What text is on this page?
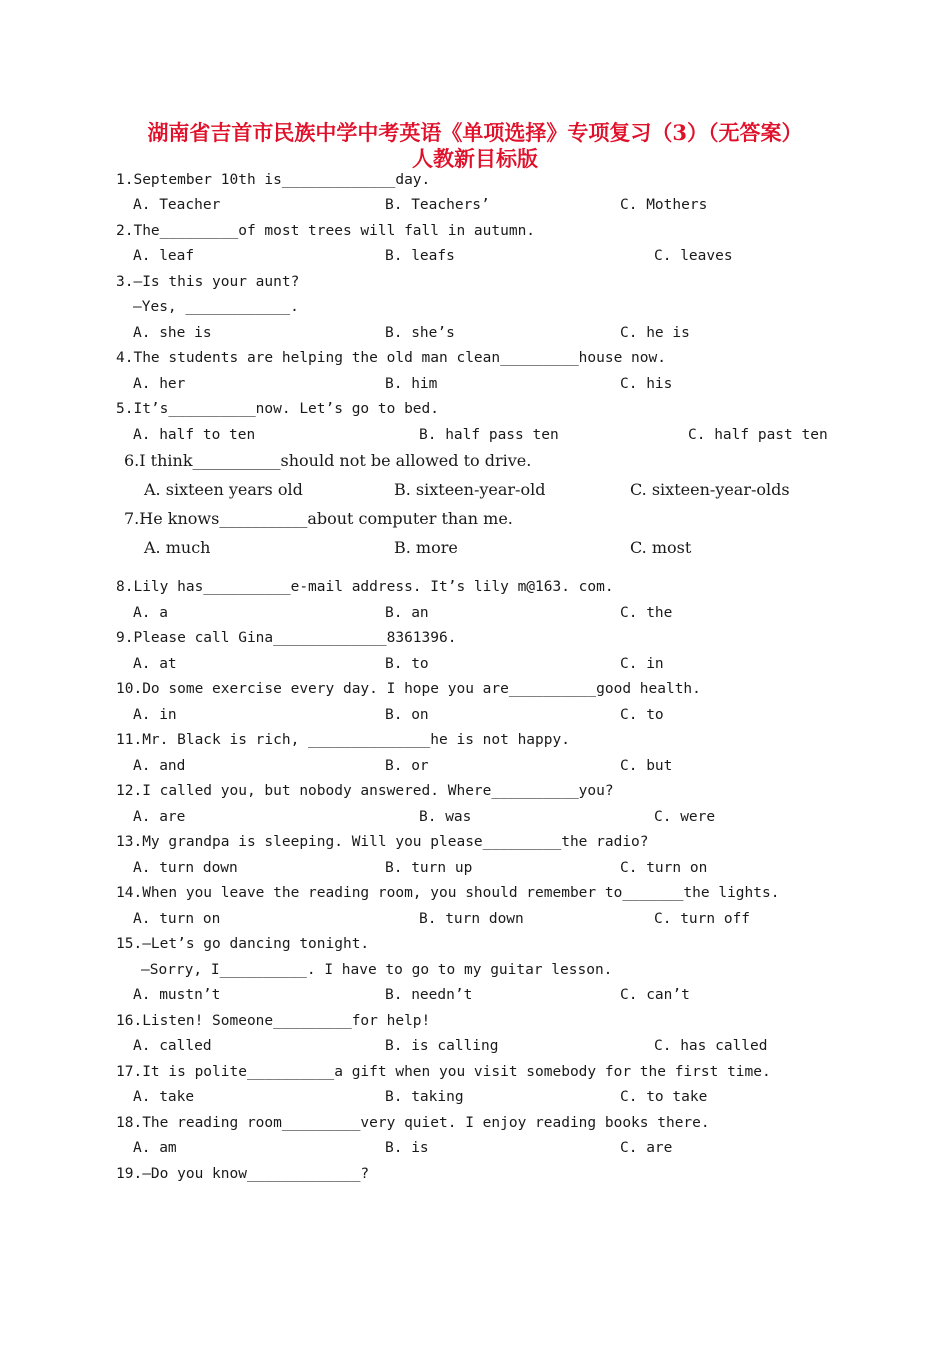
湖南省吉首市民族中学中考英语《单项选择》专项复习（3）（无答案）
人教新目标版
1.September 10th is_____________day.
A. Teacher	B. Teachers’	C. Mothers
2.The_________of most trees will fall in autumn.
A. leaf	B. leafs	C. leaves
3.—Is this your aunt?
—Yes, ____________.
A. she is	B. she’s	C. he is
4.The students are helping the old man clean_________house now.
A. her	B. him	C. his
5.It’s__________now. Let’s go to bed.
A. half to ten	B. half pass ten	C. half past ten
6.I think___________should not be allowed to drive.
A. sixteen years old	B. sixteen-year-old	C. sixteen-year-olds
7.He knows___________about computer than me.
A. much	B. more	C. most
8.Lily has__________e-mail address. It’s lily m@163. com.
A. a	B. an	C. the
9.Please call Gina_____________8361396.
A. at	B. to	C. in
10.Do some exercise every day. I hope you are__________good health.
A. in	B. on	C. to
11.Mr. Black is rich, ______________he is not happy.
A. and	B. or	C. but
12.I called you, but nobody answered. Where__________you?
A. are	B. was	C. were
13.My grandpa is sleeping. Will you please_________the radio?
A. turn down	B. turn up	C. turn on
14.When you leave the reading room, you should remember to_______the lights.
A. turn on	B. turn down	C. turn off
15.—Let’s go dancing tonight.
—Sorry, I__________. I have to go to my guitar lesson.
A. mustn’t	B. needn’t	C. can’t
16.Listen! Someone_________for help!
A. called	B. is calling	C. has called
17.It is polite__________a gift when you visit somebody for the first time.
A. take	B. taking	C. to take
18.The reading room_________very quiet. I enjoy reading books there.
A. am	B. is	C. are
19.—Do you know_____________?
